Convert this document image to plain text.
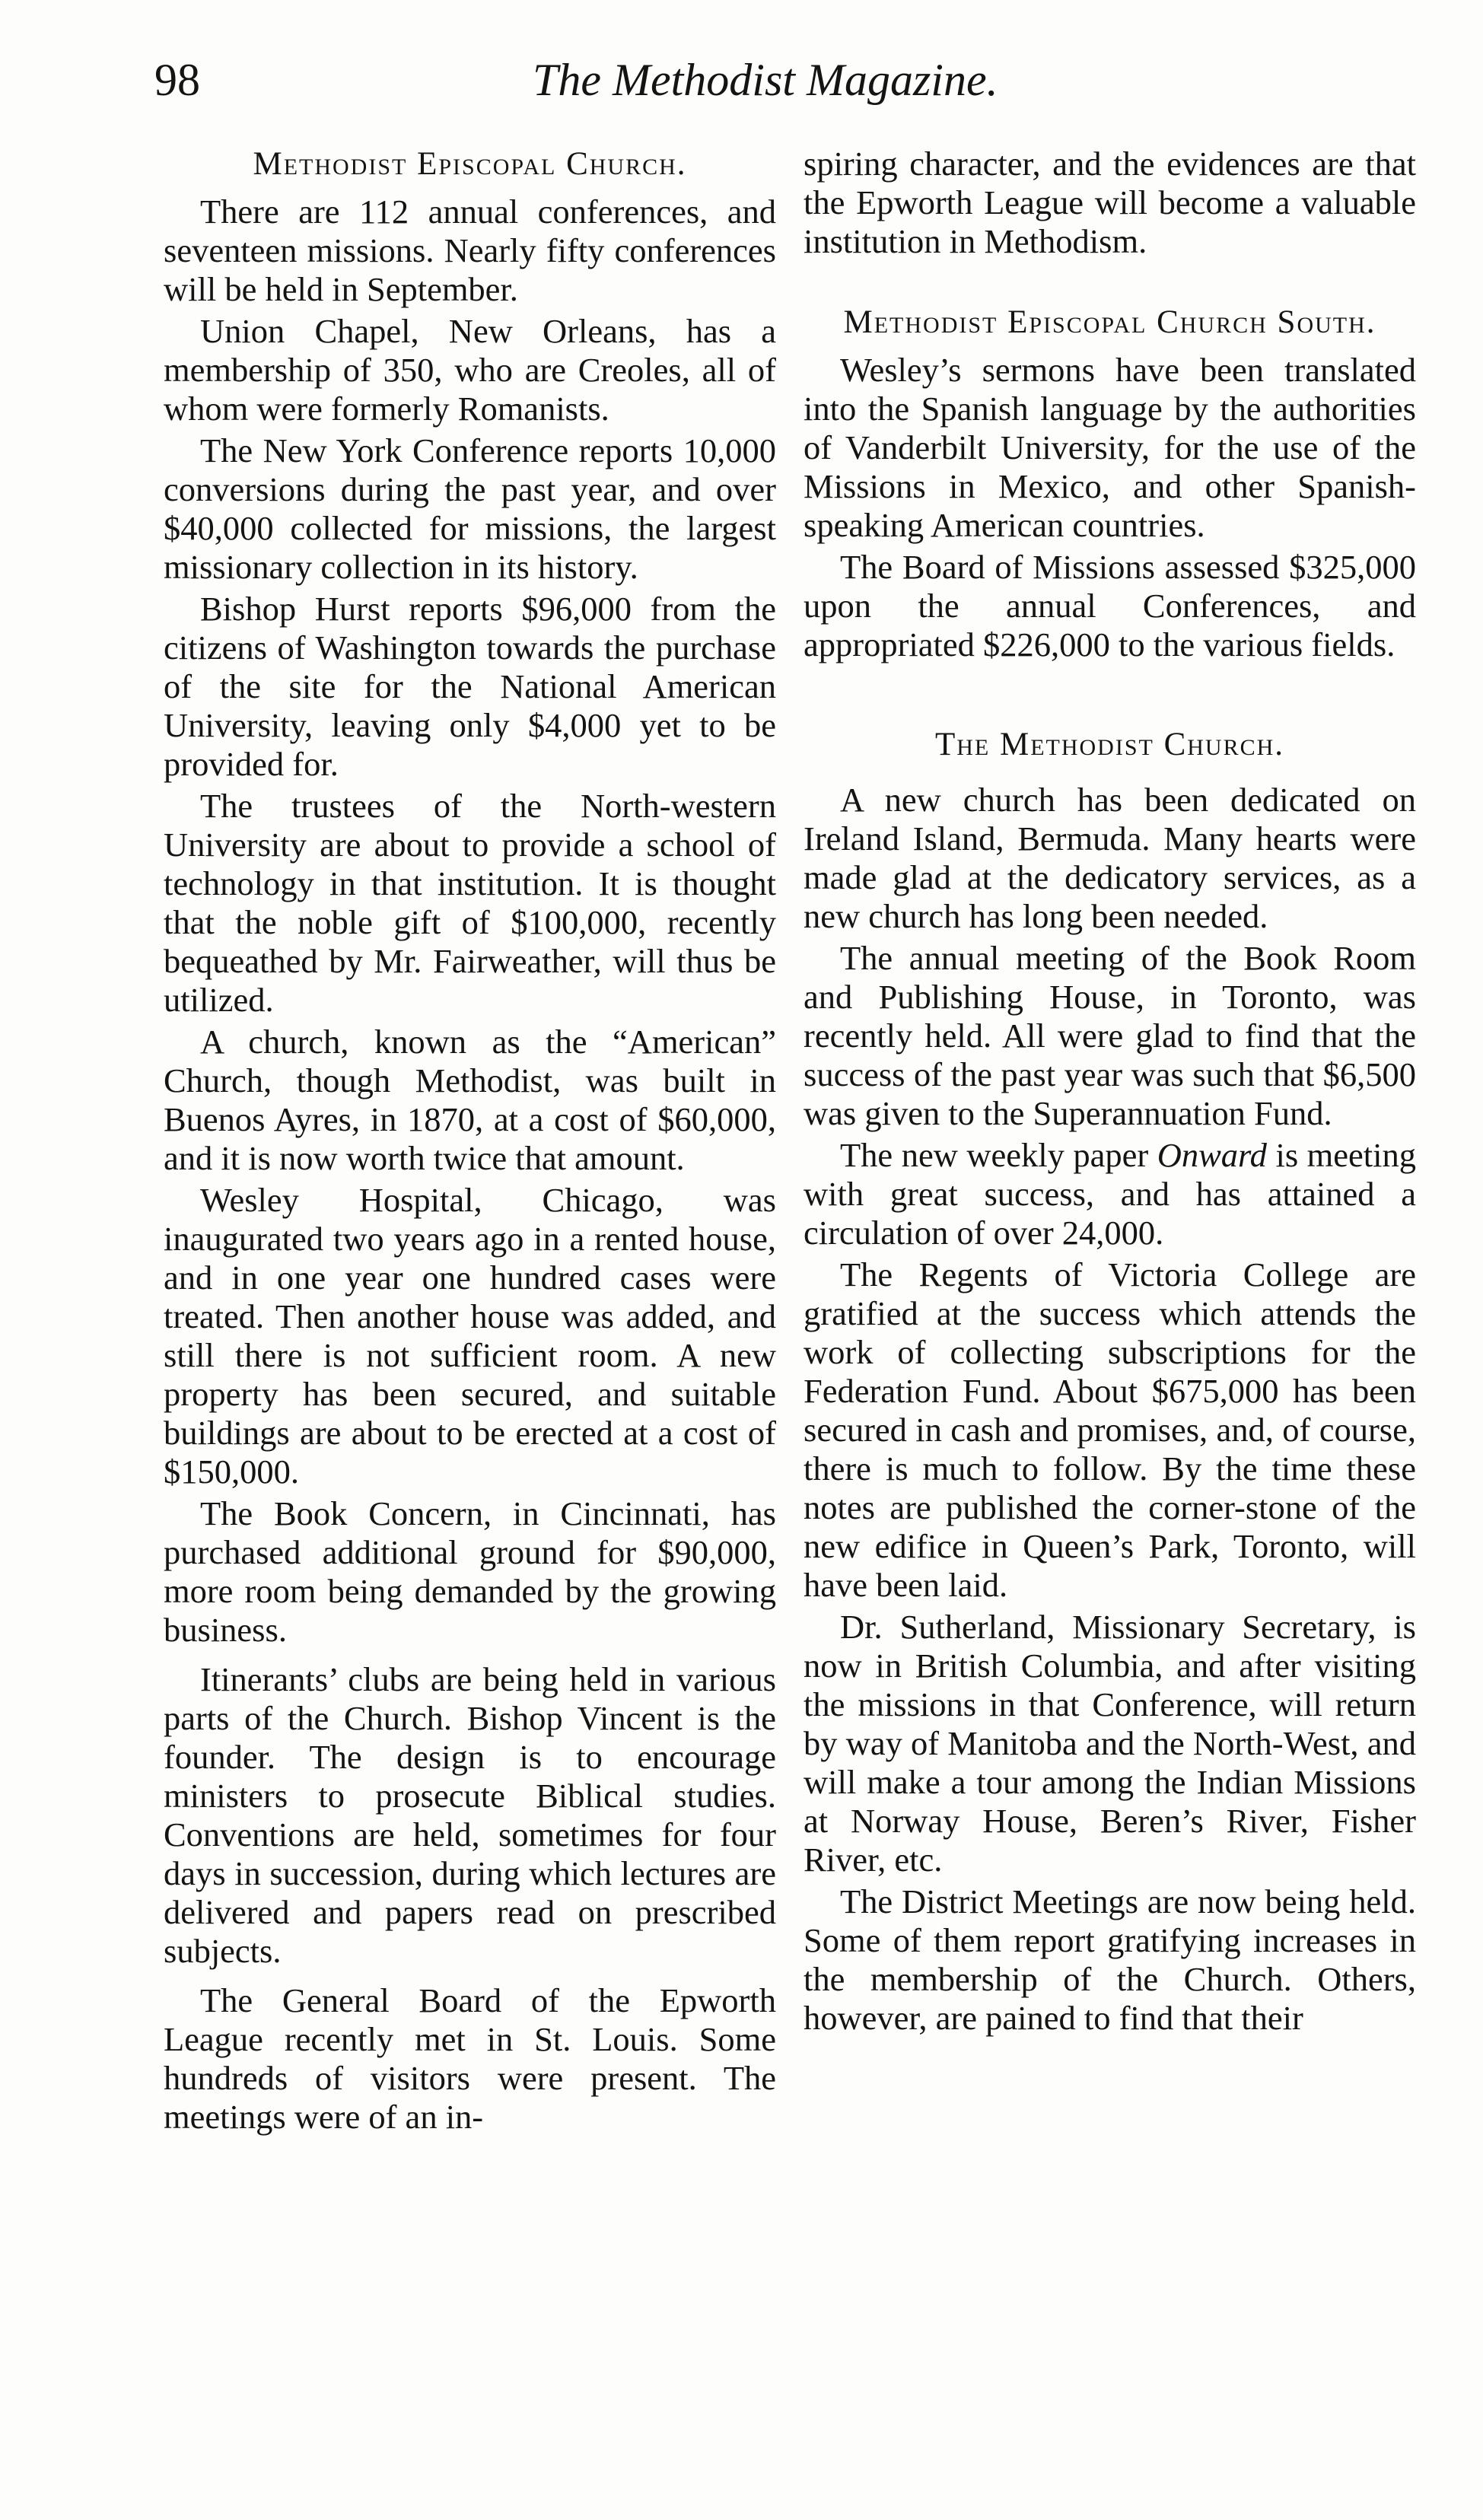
98	The Methodist Magazine.
Methodist Episcopal Church.

There are 112 annual conferences, and seventeen missions. Nearly fifty conferences will be held in September.

Union Chapel, New Orleans, has a membership of 350, who are Creoles, all of whom were formerly Romanists.

The New York Conference reports 10,000 conversions during the past year, and over $40,000 collected for missions, the largest missionary collection in its history.

Bishop Hurst reports $96,000 from the citizens of Washington towards the purchase of the site for the National American University, leaving only $4,000 yet to be provided for.

The trustees of the North-western University are about to provide a school of technology in that institution. It is thought that the noble gift of $100,000, recently bequeathed by Mr. Fairweather, will thus be utilized.

A church, known as the “American” Church, though Methodist, was built in Buenos Ayres, in 1870, at a cost of $60,000, and it is now worth twice that amount.

Wesley Hospital, Chicago, was inaugurated two years ago in a rented house, and in one year one hundred cases were treated. Then another house was added, and still there is not sufficient room. A new property has been secured, and suitable buildings are about to be erected at a cost of $150,000.

The Book Concern, in Cincinnati, has purchased additional ground for $90,000, more room being demanded by the growing business.

Itinerants’ clubs are being held in various parts of the Church. Bishop Vincent is the founder. The design is to encourage ministers to prosecute Biblical studies. Conventions are held, sometimes for four days in succession, during which lectures are delivered and papers read on prescribed subjects.

The General Board of the Epworth League recently met in St. Louis. Some hundreds of visitors were present. The meetings were of an in-

spiring character, and the evidences are that the Epworth League will become a valuable institution in Methodism.

Methodist Episcopal Church South.

Wesley’s sermons have been translated into the Spanish language by the authorities of Vanderbilt University, for the use of the Missions in Mexico, and other Spanish-speaking American countries.

The Board of Missions assessed $325,000 upon the annual Conferences, and appropriated $226,000 to the various fields.

The Methodist Church.

A new church has been dedicated on Ireland Island, Bermuda. Many hearts were made glad at the dedicatory services, as a new church has long been needed.

The annual meeting of the Book Room and Publishing House, in Toronto, was recently held. All were glad to find that the success of the past year was such that $6,500 was given to the Superannuation Fund.

The new weekly paper Onward is meeting with great success, and has attained a circulation of over 24,000.

The Regents of Victoria College are gratified at the success which attends the work of collecting subscriptions for the Federation Fund. About $675,000 has been secured in cash and promises, and, of course, there is much to follow. By the time these notes are published the corner-stone of the new edifice in Queen’s Park, Toronto, will have been laid.

Dr. Sutherland, Missionary Secretary, is now in British Columbia, and after visiting the missions in that Conference, will return by way of Manitoba and the North-West, and will make a tour among the Indian Missions at Norway House, Beren’s River, Fisher River, etc.

The District Meetings are now being held. Some of them report gratifying increases in the membership of the Church. Others, however, are pained to find that their
